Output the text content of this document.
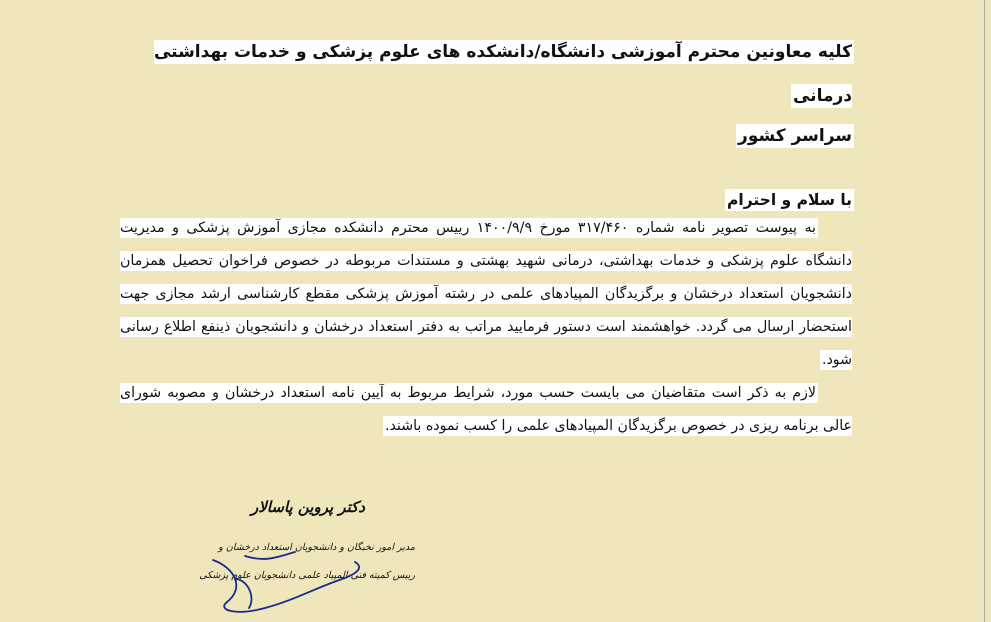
کلیه معاونین محترم آموزشی دانشگاه/دانشکده های علوم پزشکی و خدمات بهداشتی درمانی

سراسر کشور

با سلام و احترام

به پیوست تصویر نامه شماره ۳۱۷/۴۶۰ مورخ ۱۴۰۰/۹/۹ رییس محترم دانشکده مجازی آموزش پزشکی و مدیریت دانشگاه علوم پزشکی و خدمات بهداشتی، درمانی شهید بهشتی و مستندات مربوطه در خصوص فراخوان تحصیل همزمان دانشجویان استعداد درخشان و برگزیدگان المپیادهای علمی در رشته آموزش پزشکی مقطع کارشناسی ارشد مجازی جهت استحضار ارسال می گردد. خواهشمند است دستور فرمایید مراتب به دفتر استعداد درخشان و دانشجویان ذینفع اطلاع رسانی شود.

لازم به ذکر است متقاضیان می بایست حسب مورد، شرایط مربوط به آیین نامه استعداد درخشان و مصوبه شورای عالی برنامه ریزی در خصوص برگزیدگان المپیادهای علمی را کسب نموده باشند.

دکتر پروین پاسالار
مدیر امور نخبگان و دانشجویان استعداد درخشان و
رییس کمیته فنی المپیاد علمی دانشجویان علوم پزشکی
